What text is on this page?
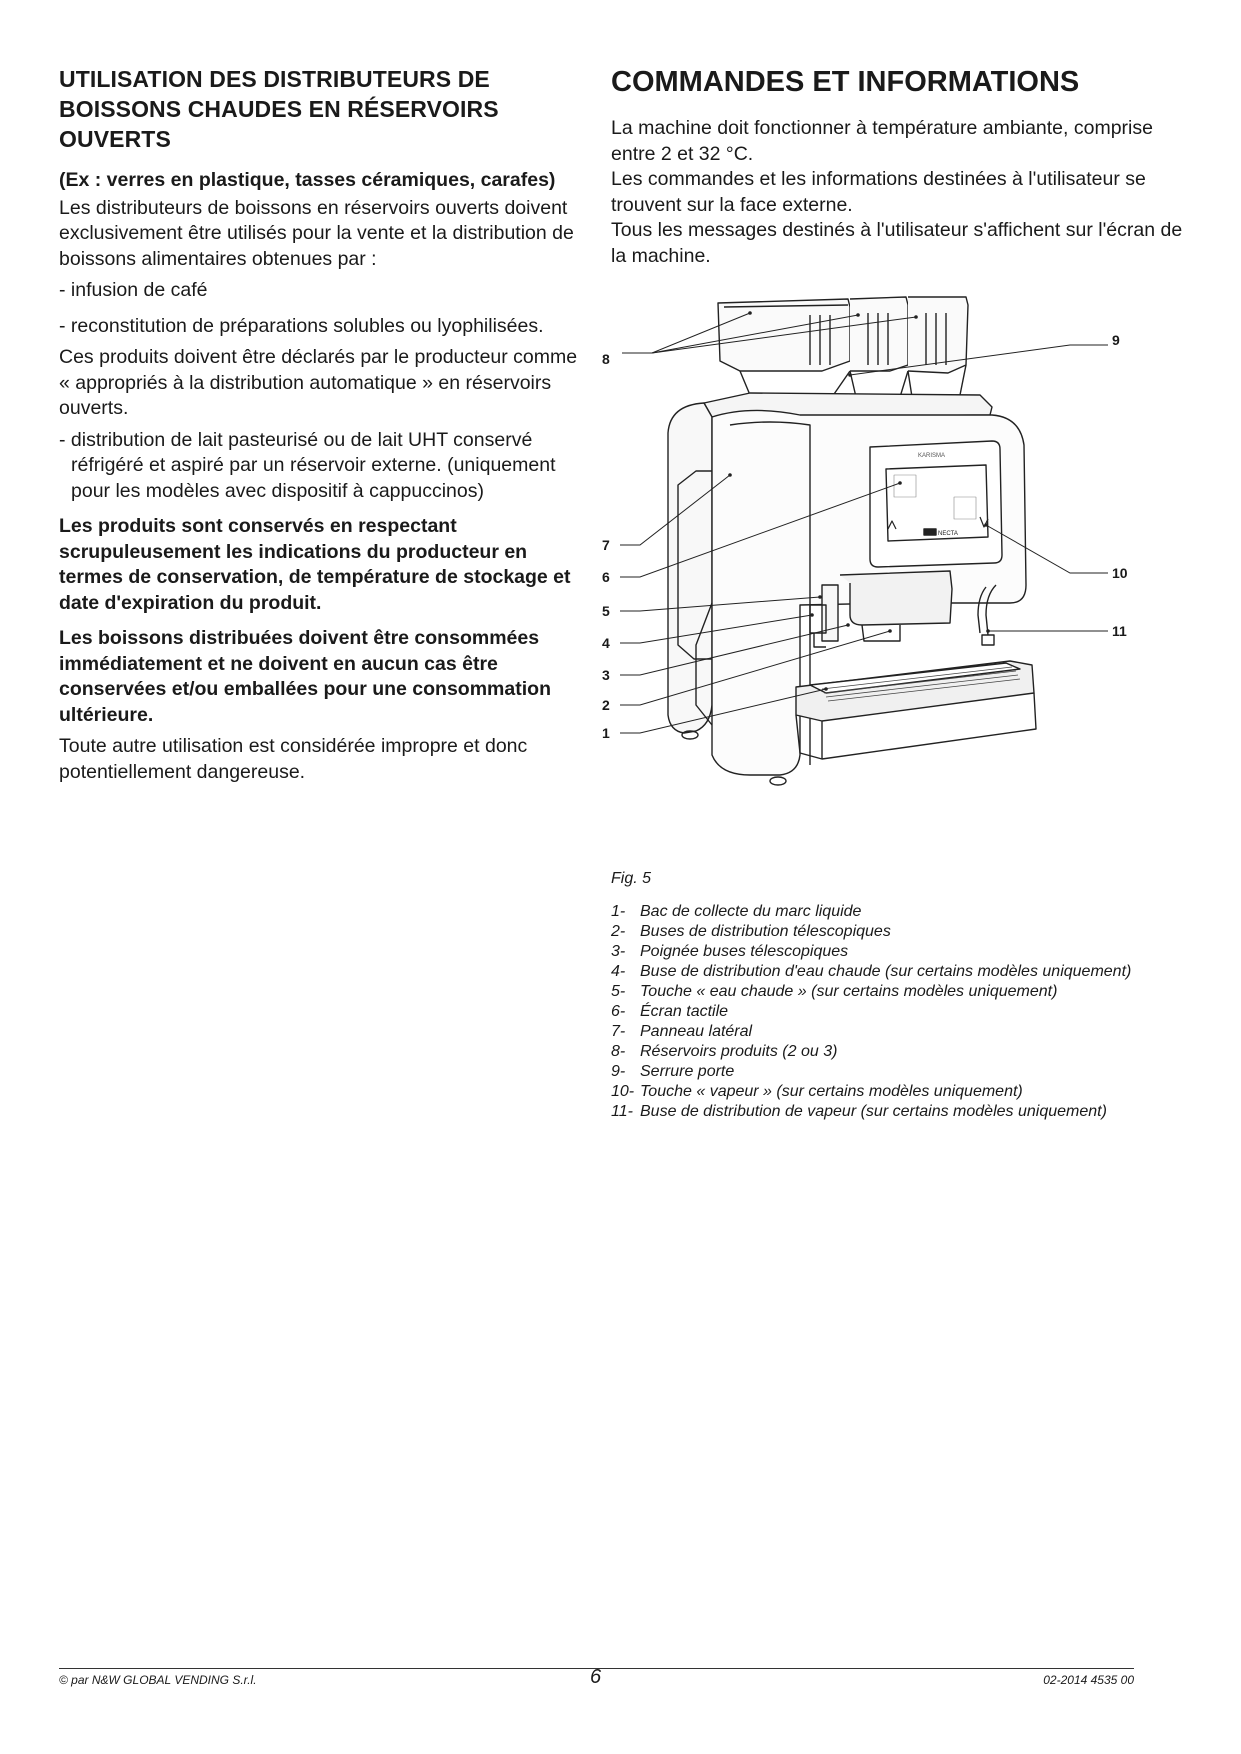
UTILISATION DES DISTRIBUTEURS DE
BOISSONS CHAUDES EN RÉSERVOIRS
OUVERTS

(Ex : verres en plastique, tasses céramiques, carafes)

Les distributeurs de boissons en réservoirs ouverts doivent exclusivement être utilisés pour la vente et la distribution de boissons alimentaires obtenues par :

- infusion de café

- reconstitution de préparations solubles ou lyophilisées.

Ces produits doivent être déclarés par le producteur comme « appropriés à la distribution automatique » en réservoirs ouverts.

- distribution de lait pasteurisé ou de lait UHT conservé réfrigéré et aspiré par un réservoir externe. (uniquement pour les modèles avec dispositif à cappuccinos)

Les produits sont conservés en respectant scrupuleusement les indications du producteur en termes de conservation, de température de stockage et date d'expiration du produit.

Les boissons distribuées doivent être consommées immédiatement et ne doivent en aucun cas être conservées et/ou emballées pour une consommation ultérieure.

Toute autre utilisation est considérée impropre et donc potentiellement dangereuse.

COMMANDES ET INFORMATIONS

La machine doit fonctionner à température ambiante, comprise entre 2 et 32 °C.

Les commandes et les informations destinées à l'utilisateur se trouvent sur la face externe.

Tous les messages destinés à l'utilisateur s'affichent sur l'écran de la machine.

KARISMA
NECTA
1
2
3
4
5
6
7
8
9
10
11
Fig. 5
1- Bac de collecte du marc liquide
2- Buses de distribution télescopiques
3- Poignée buses télescopiques
4- Buse de distribution d'eau chaude (sur certains modèles uniquement)
5- Touche « eau chaude » (sur certains modèles uniquement)
6- Écran tactile
7- Panneau latéral
8- Réservoirs produits (2 ou 3)
9- Serrure porte
10- Touche « vapeur » (sur certains modèles uniquement)
11- Buse de distribution de vapeur (sur certains modèles uniquement)
© par N&W GLOBAL VENDING S.r.l.	6	02-2014 4535 00
